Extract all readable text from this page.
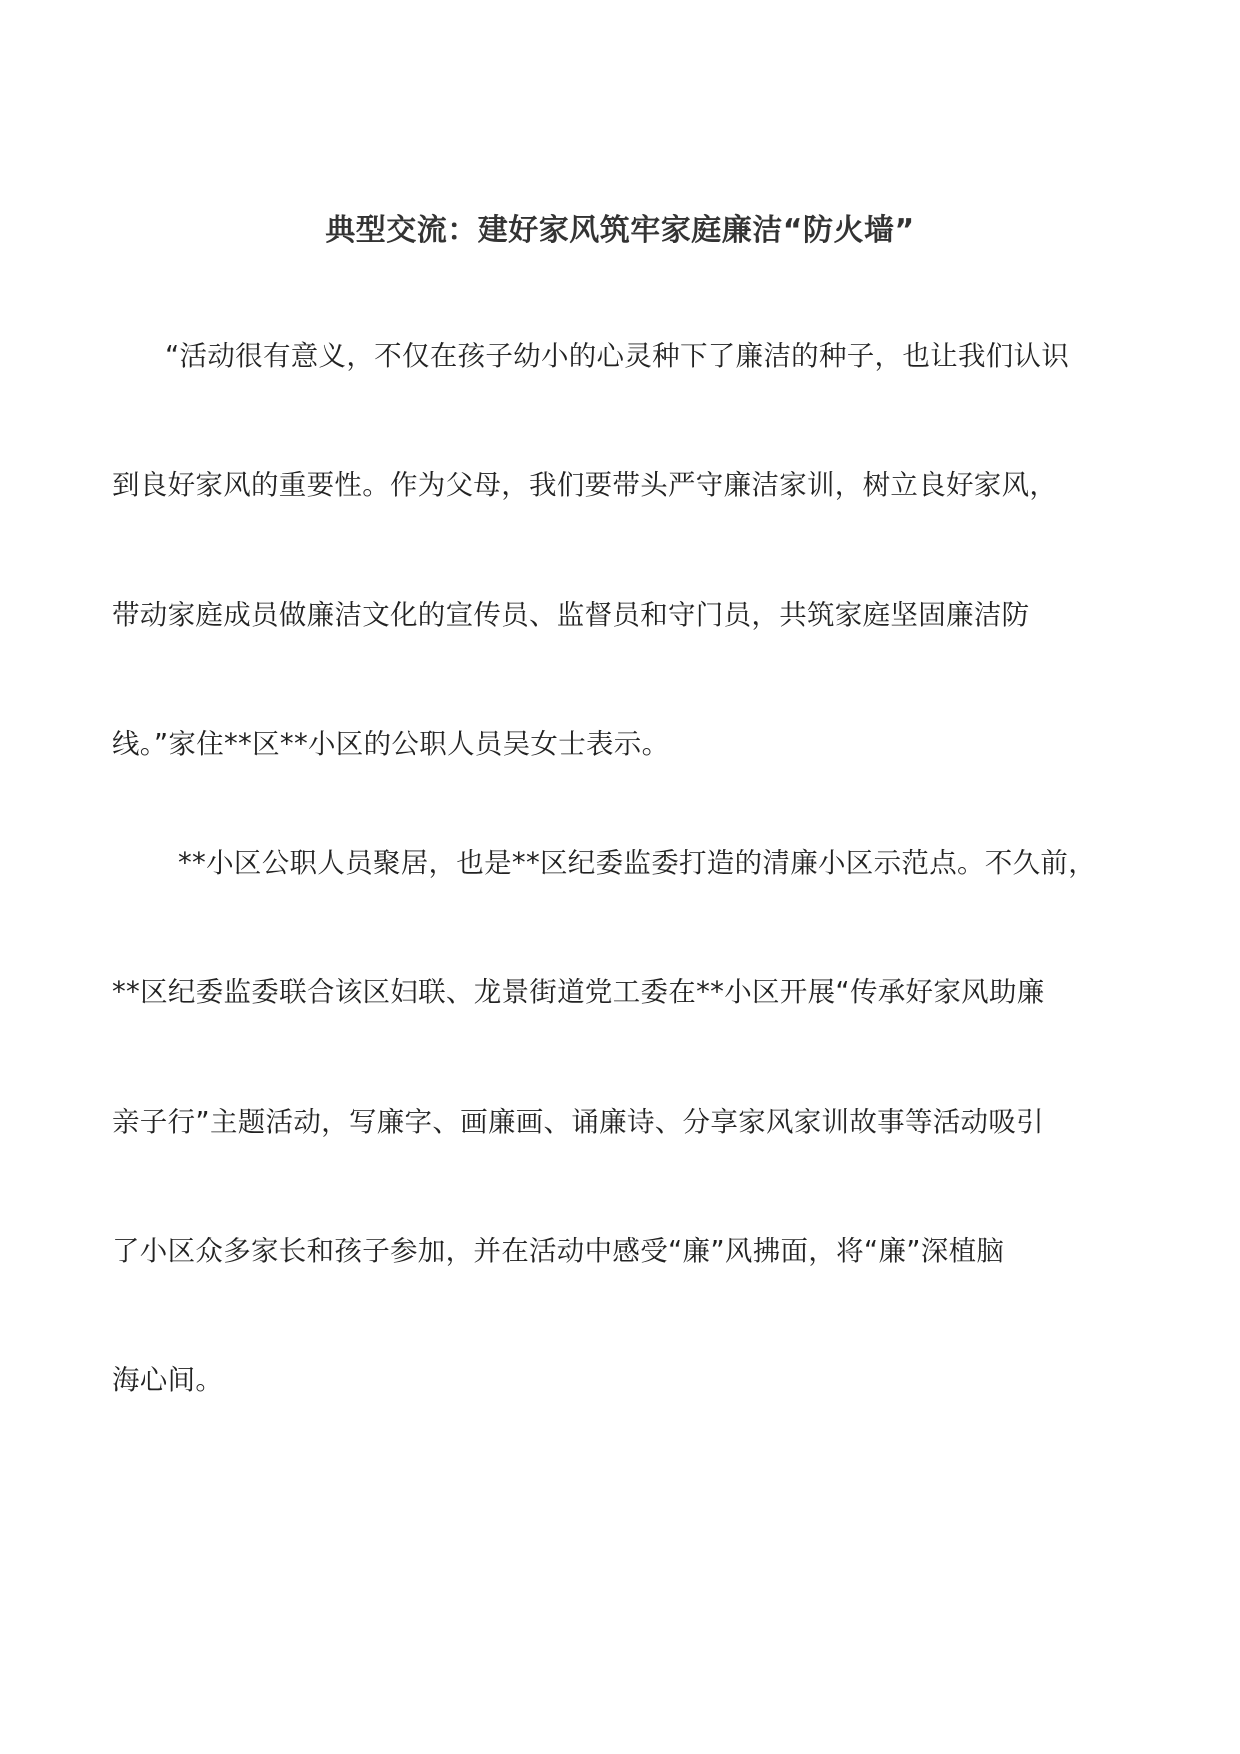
典型交流：建好家风筑牢家庭廉洁“防火墙”
“活动很有意义，不仅在孩子幼小的心灵种下了廉洁的种子，也让我们认识
到良好家风的重要性。作为父母，我们要带头严守廉洁家训，树立良好家风，
带动家庭成员做廉洁文化的宣传员、监督员和守门员，共筑家庭坚固廉洁防
线。”家住**区**小区的公职人员吴女士表示。
**小区公职人员聚居，也是**区纪委监委打造的清廉小区示范点。不久前，
**区纪委监委联合该区妇联、龙景街道党工委在**小区开展“传承好家风助廉
亲子行”主题活动，写廉字、画廉画、诵廉诗、分享家风家训故事等活动吸引
了小区众多家长和孩子参加，并在活动中感受“廉”风拂面，将“廉”深植脑
海心间。
